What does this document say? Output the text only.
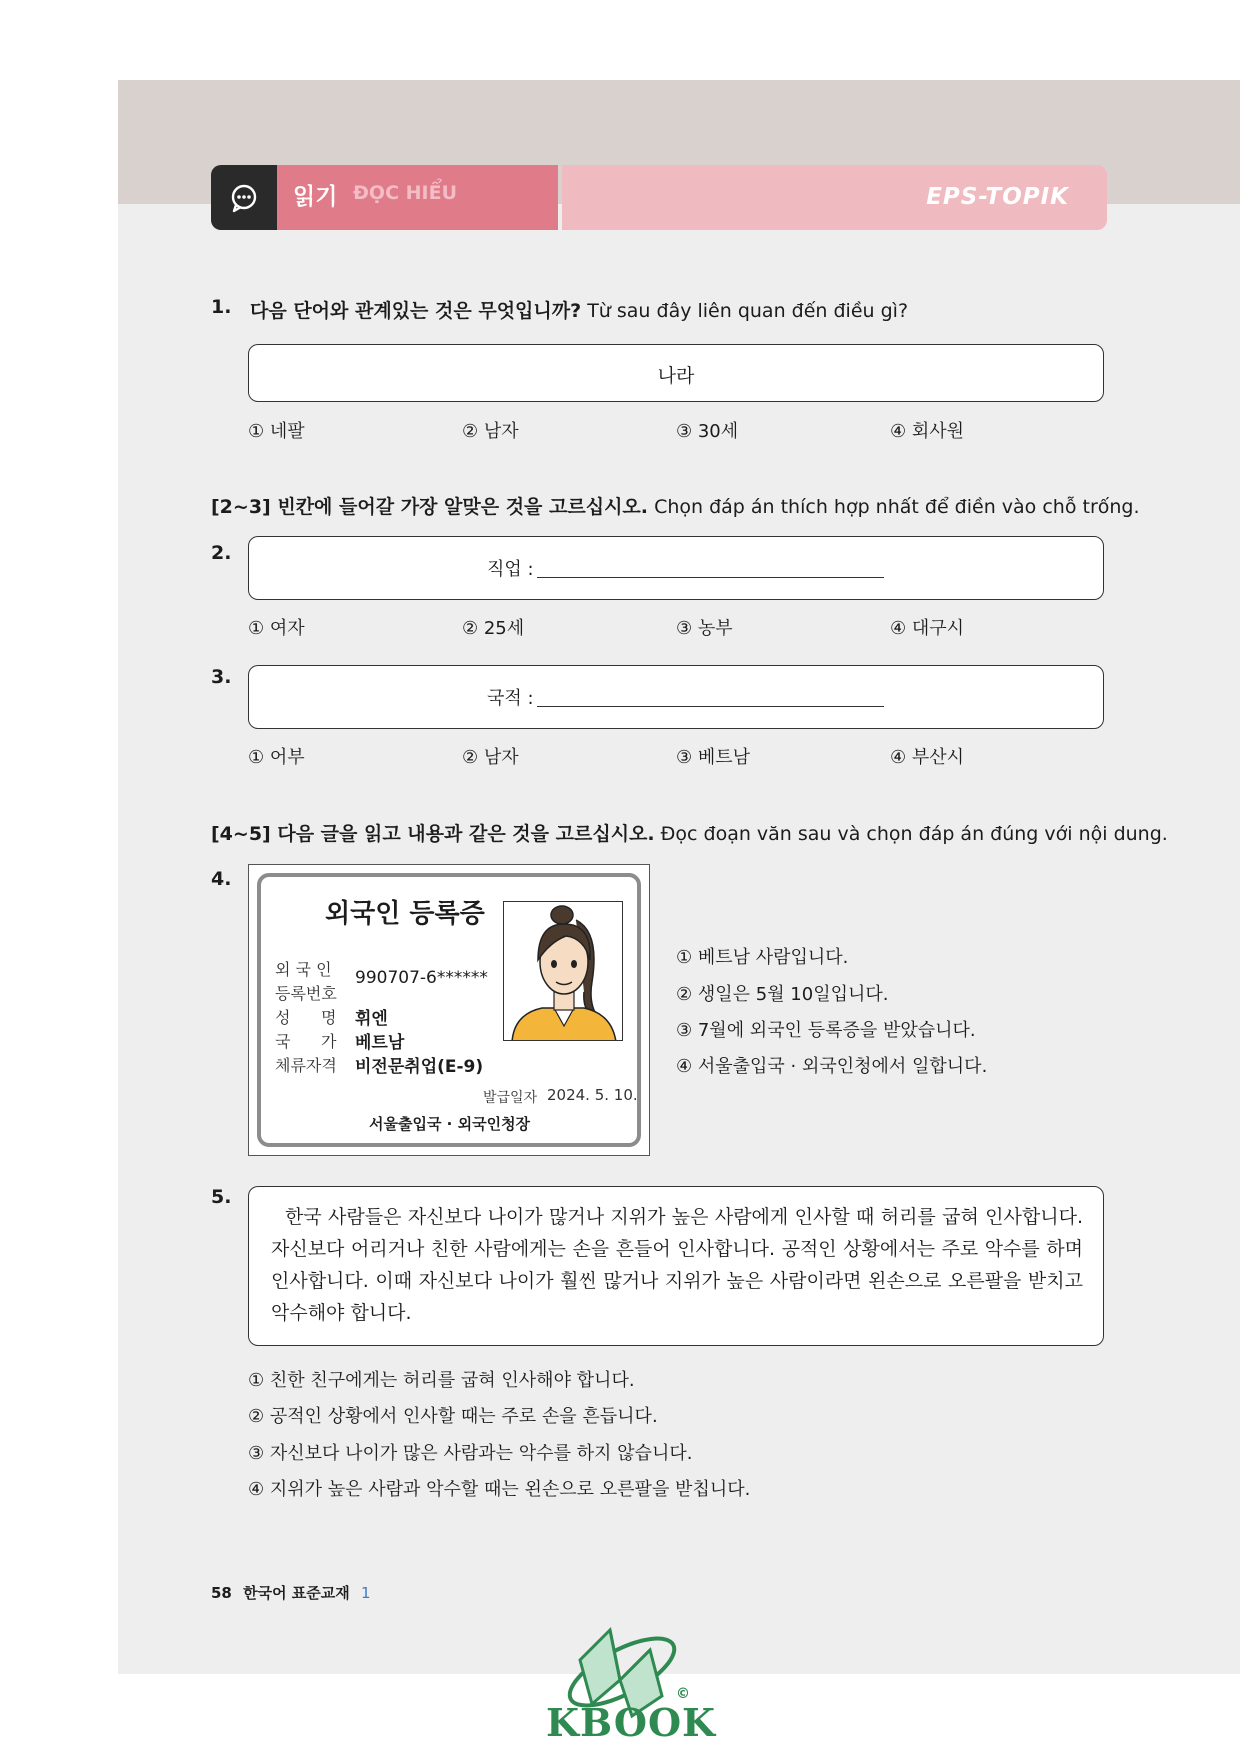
읽기 ĐỌC HIỂU	EPS-TOPIK
1. 다음 단어와 관계있는 것은 무엇입니까? Từ sau đây liên quan đến điều gì?
나라
① 네팔	② 남자	③ 30세	④ 회사원
[2~3] 빈칸에 들어갈 가장 알맞은 것을 고르십시오. Chọn đáp án thích hợp nhất để điền vào chỗ trống.
2.
직업 :
① 여자	② 25세	③ 농부	④ 대구시
3.
국적 :
① 어부	② 남자	③ 베트남	④ 부산시
[4~5] 다음 글을 읽고 내용과 같은 것을 고르십시오. Đọc đoạn văn sau và chọn đáp án đúng với nội dung.
4.
외국인 등록증
외 국 인
등록번호
990707-6******
성      명 휘엔
국      가 베트남
체류자격 비전문취업(E-9)
발급일자 2024. 5. 10.
서울출입국 · 외국인청장
① 베트남 사람입니다.
② 생일은 5월 10일입니다.
③ 7월에 외국인 등록증을 받았습니다.
④ 서울출입국 · 외국인청에서 일합니다.
5.
한국 사람들은 자신보다 나이가 많거나 지위가 높은 사람에게 인사할 때 허리를 굽혀 인사합니다. 자신보다 어리거나 친한 사람에게는 손을 흔들어 인사합니다. 공적인 상황에서는 주로 악수를 하며 인사합니다. 이때 자신보다 나이가 훨씬 많거나 지위가 높은 사람이라면 왼손으로 오른팔을 받치고 악수해야 합니다.
① 친한 친구에게는 허리를 굽혀 인사해야 합니다.
② 공적인 상황에서 인사할 때는 주로 손을 흔듭니다.
③ 자신보다 나이가 많은 사람과는 악수를 하지 않습니다.
④ 지위가 높은 사람과 악수할 때는 왼손으로 오른팔을 받칩니다.
58 한국어 표준교재 1
KBOOK
©
